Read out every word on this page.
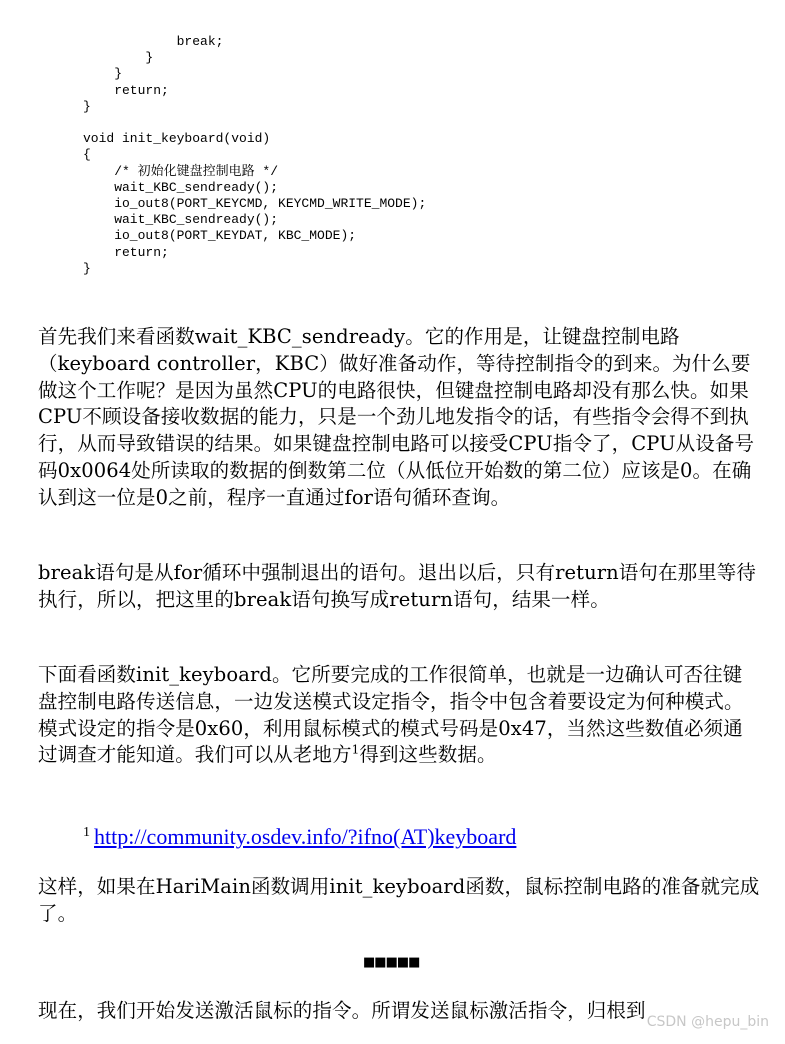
break;
}
}
return;
}

void init_keyboard(void)
{
/* 初始化键盘控制电路 */
wait_KBC_sendready();
io_out8(PORT_KEYCMD, KEYCMD_WRITE_MODE);
wait_KBC_sendready();
io_out8(PORT_KEYDAT, KBC_MODE);
return;
}

首先我们来看函数wait_KBC_sendready。它的作用是，让键盘控制电路（keyboard controller，KBC）做好准备动作，等待控制指令的到来。为什么要做这个工作呢？是因为虽然CPU的电路很快，但键盘控制电路却没有那么快。如果CPU不顾设备接收数据的能力，只是一个劲儿地发指令的话，有些指令会得不到执行，从而导致错误的结果。如果键盘控制电路可以接受CPU指令了，CPU从设备号码0x0064处所读取的数据的倒数第二位（从低位开始数的第二位）应该是0。在确认到这一位是0之前，程序一直通过for语句循环查询。

break语句是从for循环中强制退出的语句。退出以后，只有return语句在那里等待执行，所以，把这里的break语句换写成return语句，结果一样。

下面看函数init_keyboard。它所要完成的工作很简单，也就是一边确认可否往键盘控制电路传送信息，一边发送模式设定指令，指令中包含着要设定为何种模式。模式设定的指令是0x60，利用鼠标模式的模式号码是0x47，当然这些数值必须通过调查才能知道。我们可以从老地方$^1$得到这些数据。

$^1$ http://community.osdev.info/?ifno(AT)keyboard

这样，如果在HariMain函数调用init_keyboard函数，鼠标控制电路的准备就完成了。

■■■■■

现在，我们开始发送激活鼠标的指令。所谓发送鼠标激活指令，归根到 CSDN @hepu_bin
